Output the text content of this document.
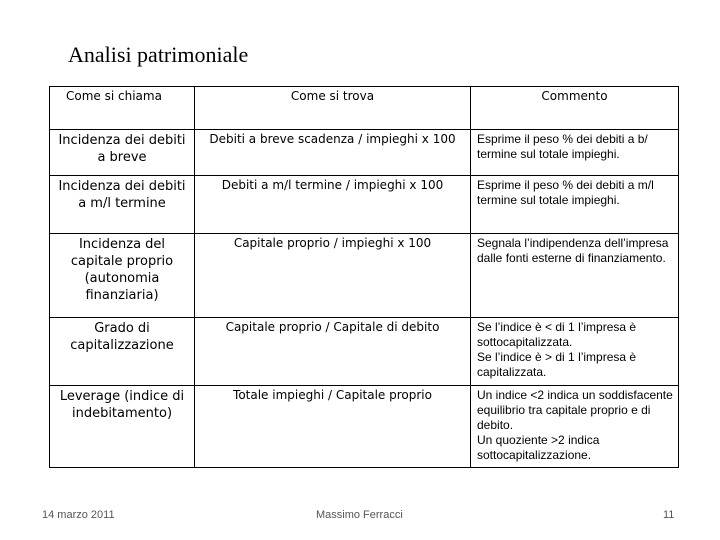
Analisi patrimoniale
Come si chiama	Come si trova	Commento
Incidenza dei debiti a breve	Debiti a breve scadenza / impieghi x 100	Esprime il peso % dei debiti a b/ termine sul totale impieghi.

Incidenza dei debiti a m/l termine	Debiti a m/l termine / impieghi x 100	Esprime il peso % dei debiti a m/l termine sul totale impieghi.

Incidenza del capitale proprio (autonomia finanziaria)	Capitale proprio / impieghi x 100	Segnala l’indipendenza dell’impresa dalle fonti esterne di finanziamento.

Grado di capitalizzazione	Capitale proprio / Capitale di debito	Se l’indice è < di 1 l’impresa è sottocapitalizzata.
Se l’indice è > di 1 l’impresa è capitalizzata.

Leverage (indice di indebitamento)	Totale impieghi / Capitale proprio	Un indice <2 indica un soddisfacente equilibrio tra capitale proprio e di debito.
Un quoziente >2 indica sottocapitalizzazione.
14 marzo 2011	Massimo Ferracci	11
